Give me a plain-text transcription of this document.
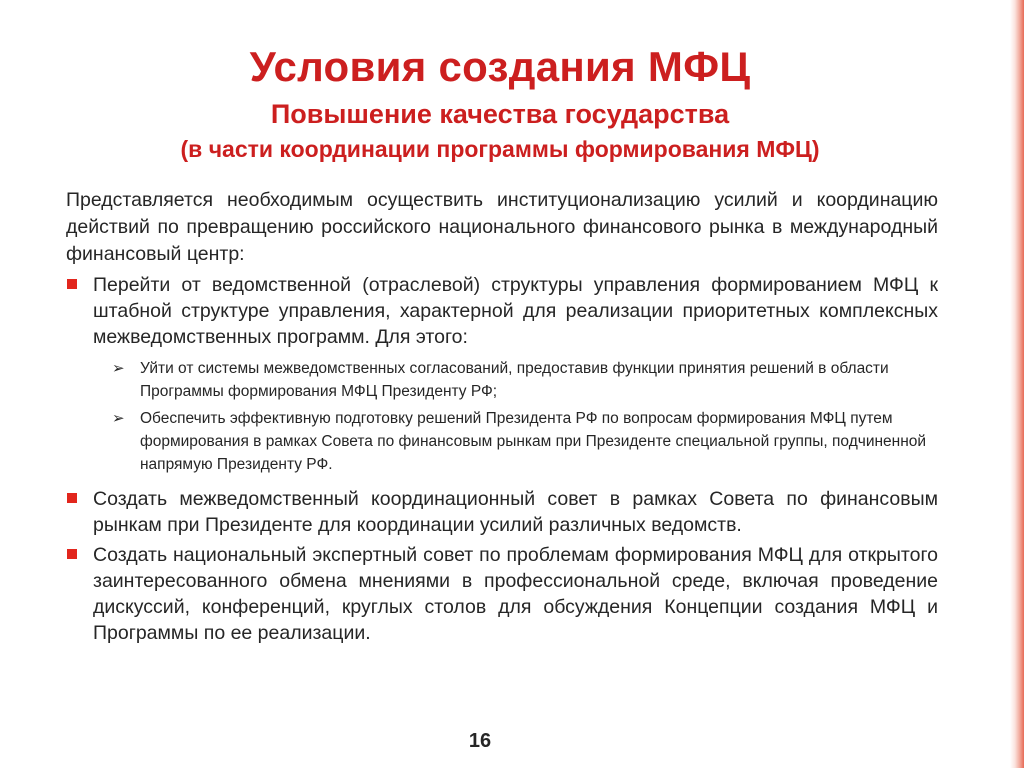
Условия создания МФЦ
Повышение качества государства
(в части координации программы формирования МФЦ)

Представляется необходимым осуществить институционализацию усилий и координацию действий по превращению российского национального финансового рынка в международный финансовый центр:

Перейти от ведомственной (отраслевой) структуры управления формированием МФЦ к штабной структуре управления, характерной для реализации приоритетных комплексных межведомственных программ. Для этого:
➢ Уйти от системы межведомственных согласований, предоставив функции принятия решений в области Программы формирования МФЦ Президенту РФ;
➢ Обеспечить эффективную подготовку решений Президента РФ по вопросам формирования МФЦ путем формирования в рамках Совета по финансовым рынкам при Президенте специальной группы, подчиненной напрямую Президенту РФ.
Создать межведомственный координационный совет в рамках Совета по финансовым рынкам при Президенте для координации усилий различных ведомств.
Создать национальный экспертный совет по проблемам формирования МФЦ для открытого заинтересованного обмена мнениями в профессиональной среде, включая проведение дискуссий, конференций, круглых столов для обсуждения Концепции создания МФЦ и Программы по ее реализации.
16
